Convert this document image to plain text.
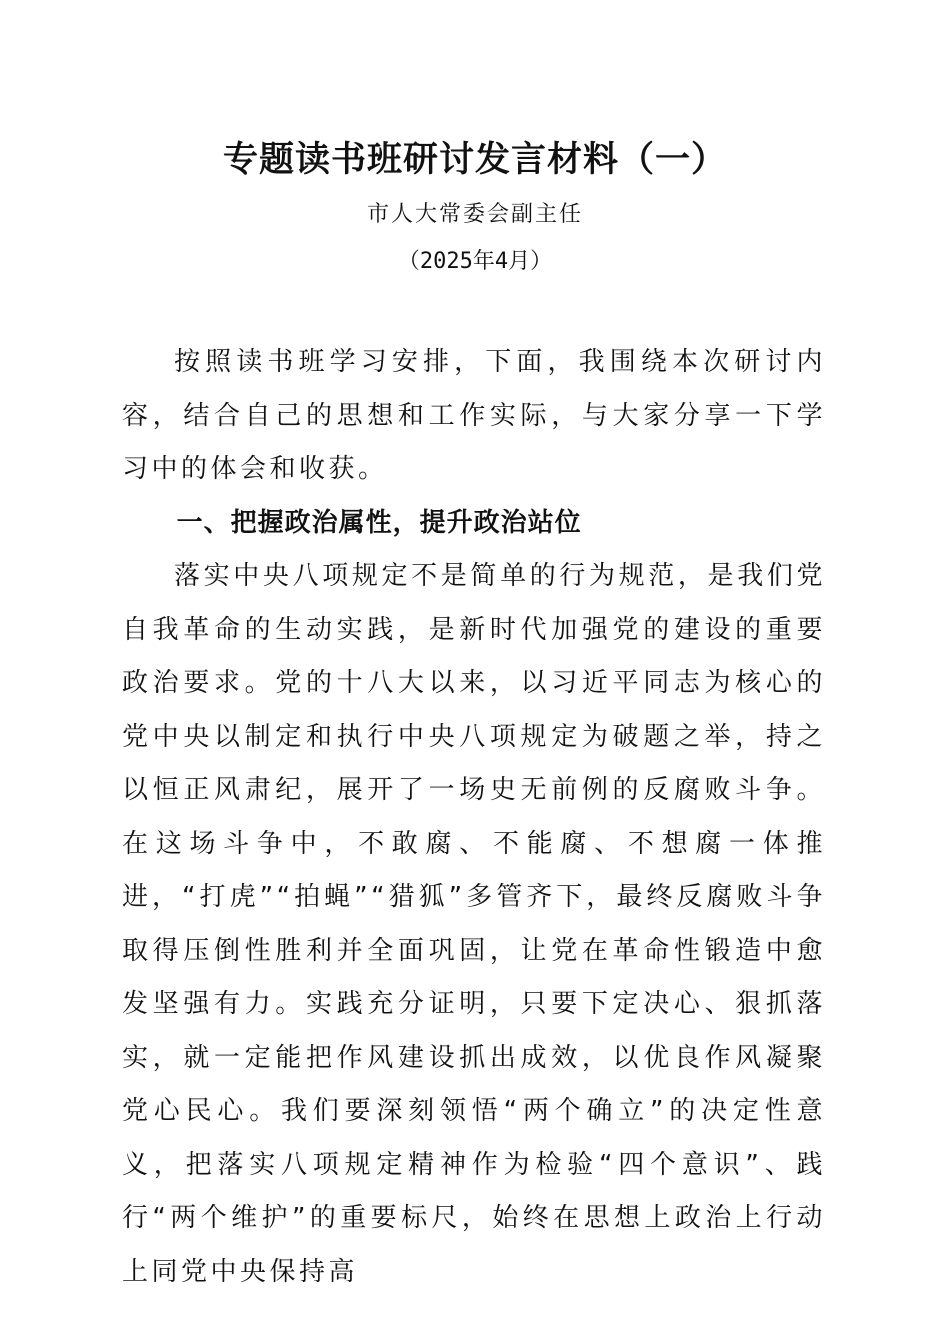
专题读书班研讨发言材料（一）
市人大常委会副主任
（2025年4月）

按照读书班学习安排，下面，我围绕本次研讨内容，结合自己的思想和工作实际，与大家分享一下学习中的体会和收获。

一、把握政治属性，提升政治站位

落实中央八项规定不是简单的行为规范，是我们党自我革命的生动实践，是新时代加强党的建设的重要政治要求。党的十八大以来，以习近平同志为核心的党中央以制定和执行中央八项规定为破题之举，持之以恒正风肃纪，展开了一场史无前例的反腐败斗争。在这场斗争中，不敢腐、不能腐、不想腐一体推进，“打虎”“拍蝇”“猎狐”多管齐下，最终反腐败斗争取得压倒性胜利并全面巩固，让党在革命性锻造中愈发坚强有力。实践充分证明，只要下定决心、狠抓落实，就一定能把作风建设抓出成效，以优良作风凝聚党心民心。我们要深刻领悟“两个确立”的决定性意义，把落实八项规定精神作为检验“四个意识”、践行“两个维护”的重要标尺，始终在思想上政治上行动上同党中央保持高
